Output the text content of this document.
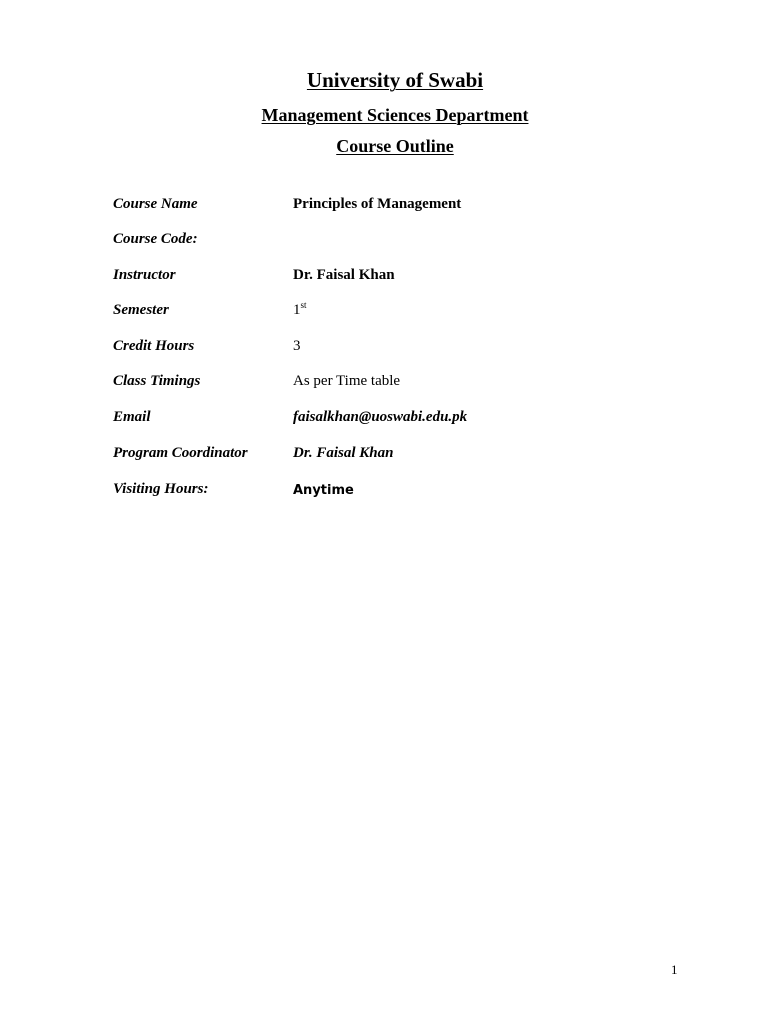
University of Swabi
Management Sciences Department
Course Outline
Course Name	Principles of Management
Course Code:
Instructor	Dr. Faisal Khan
Semester	1st
Credit Hours	3
Class Timings	As per Time table
Email	faisalkhan@uoswabi.edu.pk
Program Coordinator	Dr. Faisal Khan
Visiting Hours:	Anytime
1
